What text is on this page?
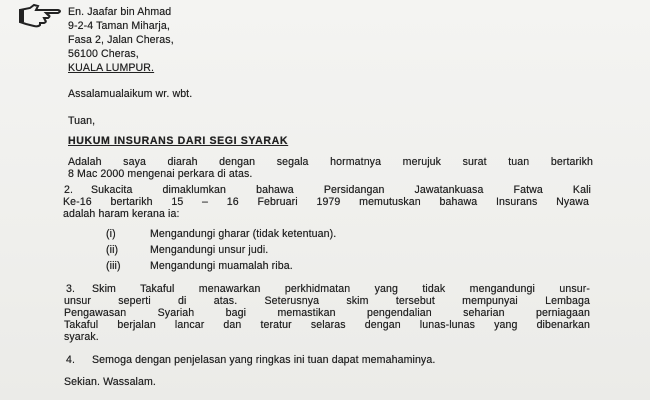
En. Jaafar bin Ahmad
9-2-4 Taman Miharja,
Fasa 2, Jalan Cheras,
56100 Cheras,
KUALA LUMPUR.
Assalamualaikum wr. wbt.
Tuan,
HUKUM INSURANS DARI SEGI SYARAK
Adalah saya diarah dengan segala hormatnya merujuk surat tuan bertarikh
8 Mac 2000 mengenai perkara di atas.
2. Sukacita dimaklumkan bahawa Persidangan Jawatankuasa Fatwa Kali
Ke-16 bertarikh 15 – 16 Februari 1979 memutuskan bahawa Insurans Nyawa
adalah haram kerana ia:
(i)	Mengandungi gharar (tidak ketentuan).
(ii)	Mengandungi unsur judi.
(iii)	Mengandungi muamalah riba.
3. Skim Takaful menawarkan perkhidmatan yang tidak mengandungi unsur-
unsur seperti di atas. Seterusnya skim tersebut mempunyai Lembaga
Pengawasan Syariah bagi memastikan pengendalian seharian perniagaan
Takaful berjalan lancar dan teratur selaras dengan lunas-lunas yang dibenarkan
syarak.
4. Semoga dengan penjelasan yang ringkas ini tuan dapat memahaminya.
Sekian. Wassalam.
